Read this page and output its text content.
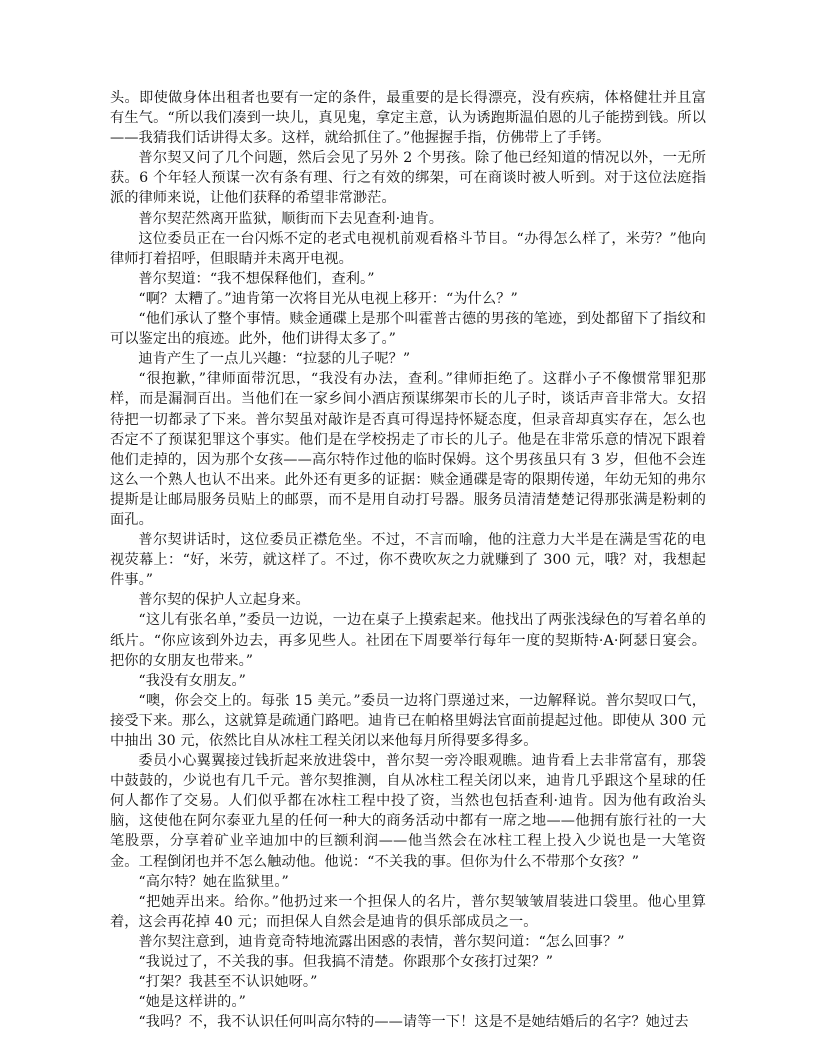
头。即使做身体出租者也要有一定的条件，最重要的是长得漂亮，没有疾病，体格健壮并且富有生气。“所以我们凑到一块儿，真见鬼，拿定主意，认为诱跑斯温伯恩的儿子能捞到钱。所以——我猜我们话讲得太多。这样，就给抓住了。”他握握手指，仿佛带上了手铐。

普尔契又问了几个问题，然后会见了另外 2 个男孩。除了他已经知道的情况以外，一无所获。6 个年轻人预谋一次有条有理、行之有效的绑架，可在商谈时被人听到。对于这位法庭指派的律师来说，让他们获释的希望非常渺茫。

普尔契茫然离开监狱，顺街而下去见查利·迪肯。

这位委员正在一台闪烁不定的老式电视机前观看格斗节目。“办得怎么样了，米劳？”他向律师打着招呼，但眼睛并未离开电视。

普尔契道：“我不想保释他们，查利。”

“啊？太糟了。”迪肯第一次将目光从电视上移开：“为什么？”

“他们承认了整个事情。赎金通碟上是那个叫霍普古德的男孩的笔迹，到处都留下了指纹和可以鉴定出的痕迹。此外，他们讲得太多了。”

迪肯产生了一点儿兴趣：“拉瑟的儿子呢？”

“很抱歉，”律师面带沉思，“我没有办法，查利。”律师拒绝了。这群小子不像惯常罪犯那样，而是漏洞百出。当他们在一家乡间小酒店预谋绑架市长的儿子时，谈话声音非常大。女招待把一切都录了下来。普尔契虽对敲诈是否真可得逞持怀疑态度，但录音却真实存在，怎么也否定不了预谋犯罪这个事实。他们是在学校拐走了市长的儿子。他是在非常乐意的情况下跟着他们走掉的，因为那个女孩——高尔特作过他的临时保姆。这个男孩虽只有 3 岁，但他不会连这么一个熟人也认不出来。此外还有更多的证据：赎金通碟是寄的限期传递，年幼无知的弗尔提斯是让邮局服务员贴上的邮票，而不是用自动打号器。服务员清清楚楚记得那张满是粉刺的面孔。

普尔契讲话时，这位委员正襟危坐。不过，不言而喻，他的注意力大半是在满是雪花的电视荧幕上：“好，米劳，就这样了。不过，你不费吹灰之力就赚到了 300 元，哦？对，我想起件事。”

普尔契的保护人立起身来。

“这儿有张名单，”委员一边说，一边在桌子上摸索起来。他找出了两张浅绿色的写着名单的纸片。“你应该到外边去，再多见些人。社团在下周要举行每年一度的契斯特·A·阿瑟日宴会。把你的女朋友也带来。”

“我没有女朋友。”

“噢，你会交上的。每张 15 美元。”委员一边将门票递过来，一边解释说。普尔契叹口气，接受下来。那么，这就算是疏通门路吧。迪肯已在帕格里姆法官面前提起过他。即使从 300 元中抽出 30 元，依然比自从冰柱工程关闭以来他每月所得要多得多。

委员小心翼翼接过钱折起来放进袋中，普尔契一旁冷眼观瞧。迪肯看上去非常富有，那袋中鼓鼓的，少说也有几千元。普尔契推测，自从冰柱工程关闭以来，迪肯几乎跟这个星球的任何人都作了交易。人们似乎都在冰柱工程中投了资，当然也包括查利·迪肯。因为他有政治头脑，这使他在阿尔泰亚九星的任何一种大的商务活动中都有一席之地——他拥有旅行社的一大笔股票，分享着矿业辛迪加中的巨额利润——他当然会在冰柱工程上投入少说也是一大笔资金。工程倒闭也并不怎么触动他。他说：“不关我的事。但你为什么不带那个女孩？”

“高尔特？她在监狱里。”

“把她弄出来。给你。”他扔过来一个担保人的名片，普尔契皱皱眉装进口袋里。他心里算着，这会再花掉 40 元；而担保人自然会是迪肯的俱乐部成员之一。

普尔契注意到，迪肯竟奇特地流露出困惑的表情，普尔契问道：“怎么回事？”

“我说过了，不关我的事。但我搞不清楚。你跟那个女孩打过架？”

“打架？我甚至不认识她呀。”

“她是这样讲的。”

“我吗？不，我不认识任何叫高尔特的——请等一下！这是不是她结婚后的名字？她过去
